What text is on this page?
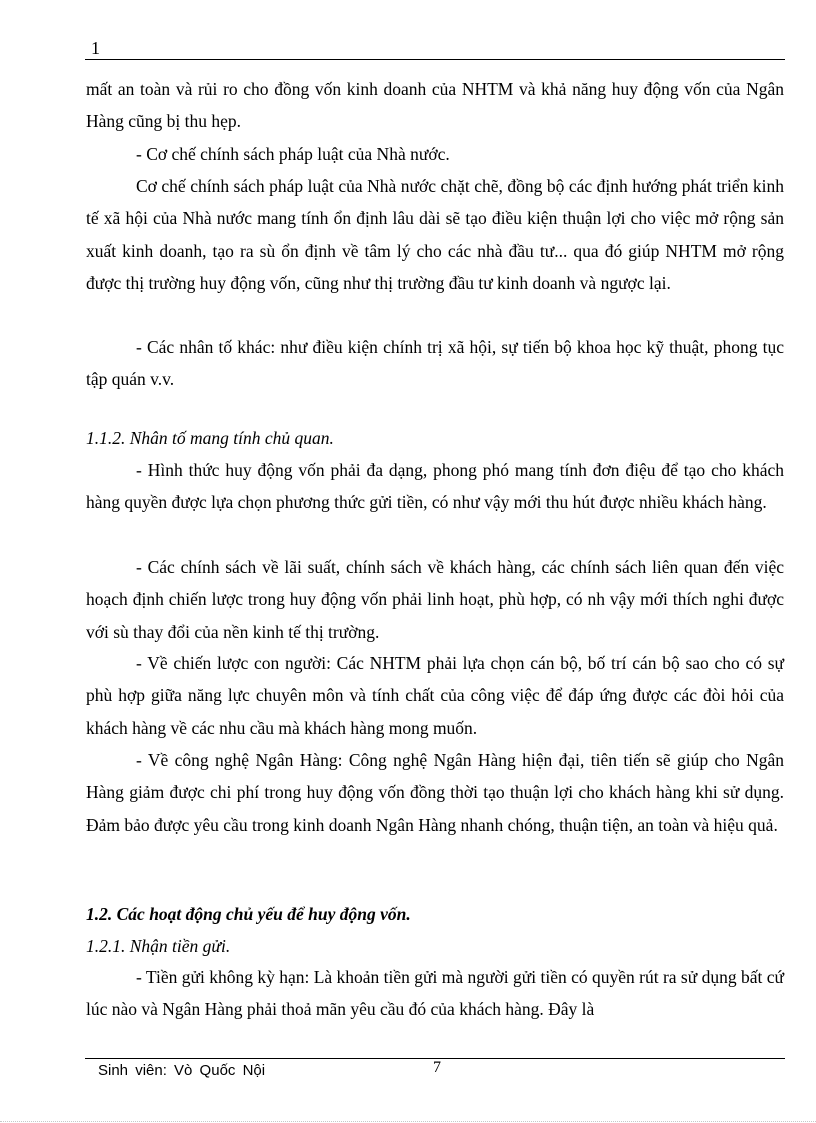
1

mất an toàn và rủi ro cho đồng vốn kinh doanh của NHTM và khả năng huy động vốn của Ngân Hàng cũng bị thu hẹp.

- Cơ chế chính sách pháp luật của Nhà nước.

Cơ chế chính sách pháp luật của Nhà nước chặt chẽ, đồng bộ các định hướng phát triển kinh tế xã hội của Nhà nước mang tính ổn định lâu dài sẽ tạo điều kiện thuận lợi cho việc mở rộng sản xuất kinh doanh, tạo ra sù ổn định về tâm lý cho các nhà đầu tư... qua đó giúp NHTM mở rộng được thị trường huy động vốn, cũng như thị trường đầu tư kinh doanh và ngược lại.

- Các nhân tố khác: như điều kiện chính trị xã hội, sự tiến bộ khoa học kỹ thuật, phong tục tập quán v.v.

1.1.2. Nhân tố mang tính chủ quan.

- Hình thức huy động vốn phải đa dạng, phong phó mang tính đơn điệu để tạo cho khách hàng quyền được lựa chọn phương thức gửi tiền, có như vậy mới thu hút được nhiều khách hàng.

- Các chính sách về lãi suất, chính sách về khách hàng, các chính sách liên quan đến việc hoạch định chiến lược trong huy động vốn phải linh hoạt, phù hợp, có nh vậy mới thích nghi được với sù thay đổi của nền kinh tế thị trường.

- Về chiến lược con người: Các NHTM phải lựa chọn cán bộ, bố trí cán bộ sao cho có sự phù hợp giữa năng lực chuyên môn và tính chất của công việc để đáp ứng được các đòi hỏi của khách hàng về các nhu cầu mà khách hàng mong muốn.

- Về công nghệ Ngân Hàng: Công nghệ Ngân Hàng hiện đại, tiên tiến sẽ giúp cho Ngân Hàng giảm được chi phí trong huy động vốn đồng thời tạo thuận lợi cho khách hàng khi sử dụng. Đảm bảo được yêu cầu trong kinh doanh Ngân Hàng nhanh chóng, thuận tiện, an toàn và hiệu quả.

1.2. Các hoạt động chủ yếu để huy động vốn.

1.2.1. Nhận tiền gửi.

- Tiền gửi không kỳ hạn: Là khoản tiền gửi mà người gửi tiền có quyền rút ra sử dụng bất cứ lúc nào và Ngân Hàng phải thoả mãn yêu cầu đó của khách hàng. Đây là

Sinh viên: Vò Quốc Nội	7
